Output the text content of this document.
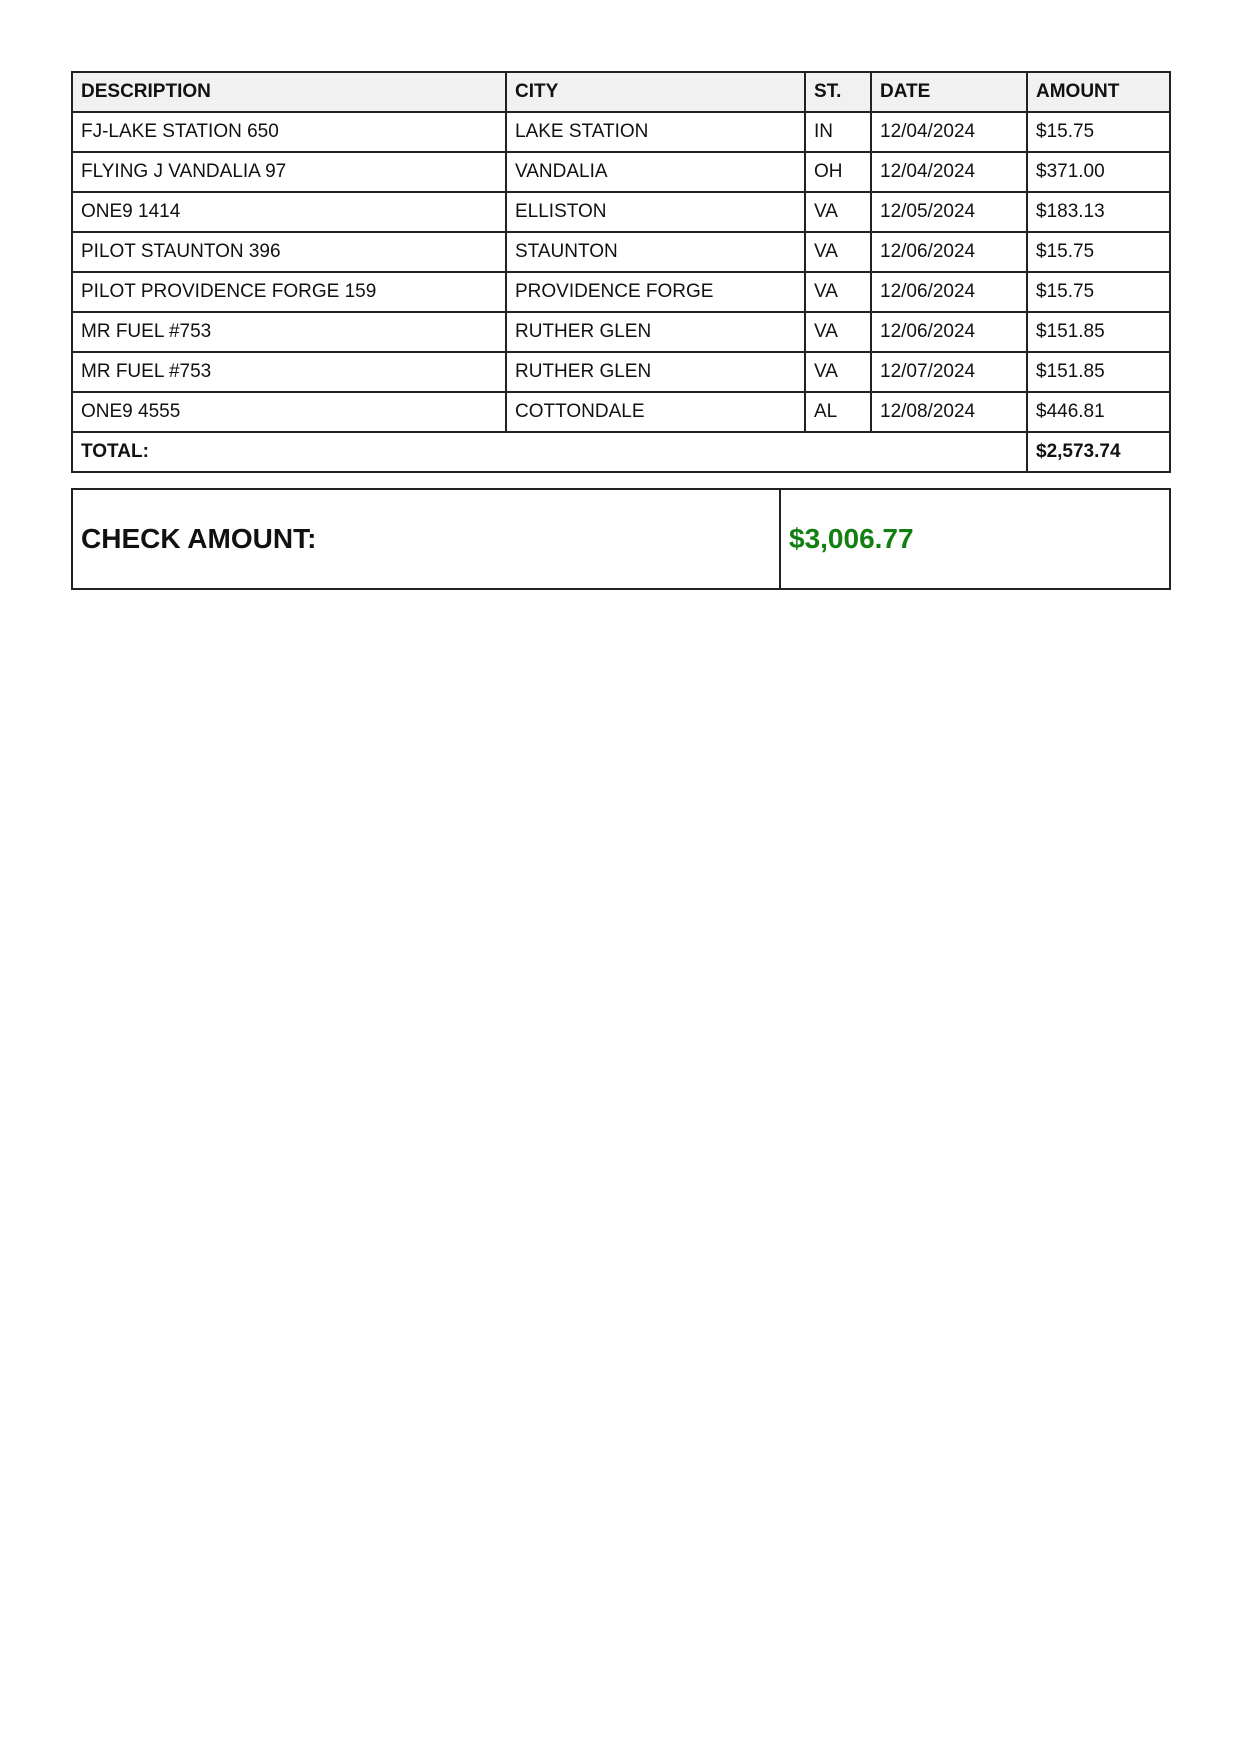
DESCRIPTION	CITY	ST.	DATE	AMOUNT
FJ-LAKE STATION 650	LAKE STATION	IN	12/04/2024	$15.75
FLYING J VANDALIA 97	VANDALIA	OH	12/04/2024	$371.00
ONE9 1414	ELLISTON	VA	12/05/2024	$183.13
PILOT STAUNTON 396	STAUNTON	VA	12/06/2024	$15.75
PILOT PROVIDENCE FORGE 159	PROVIDENCE FORGE	VA	12/06/2024	$15.75
MR FUEL #753	RUTHER GLEN	VA	12/06/2024	$151.85
MR FUEL #753	RUTHER GLEN	VA	12/07/2024	$151.85
ONE9 4555	COTTONDALE	AL	12/08/2024	$446.81
TOTAL:				$2,573.74
CHECK AMOUNT:	$3,006.77
